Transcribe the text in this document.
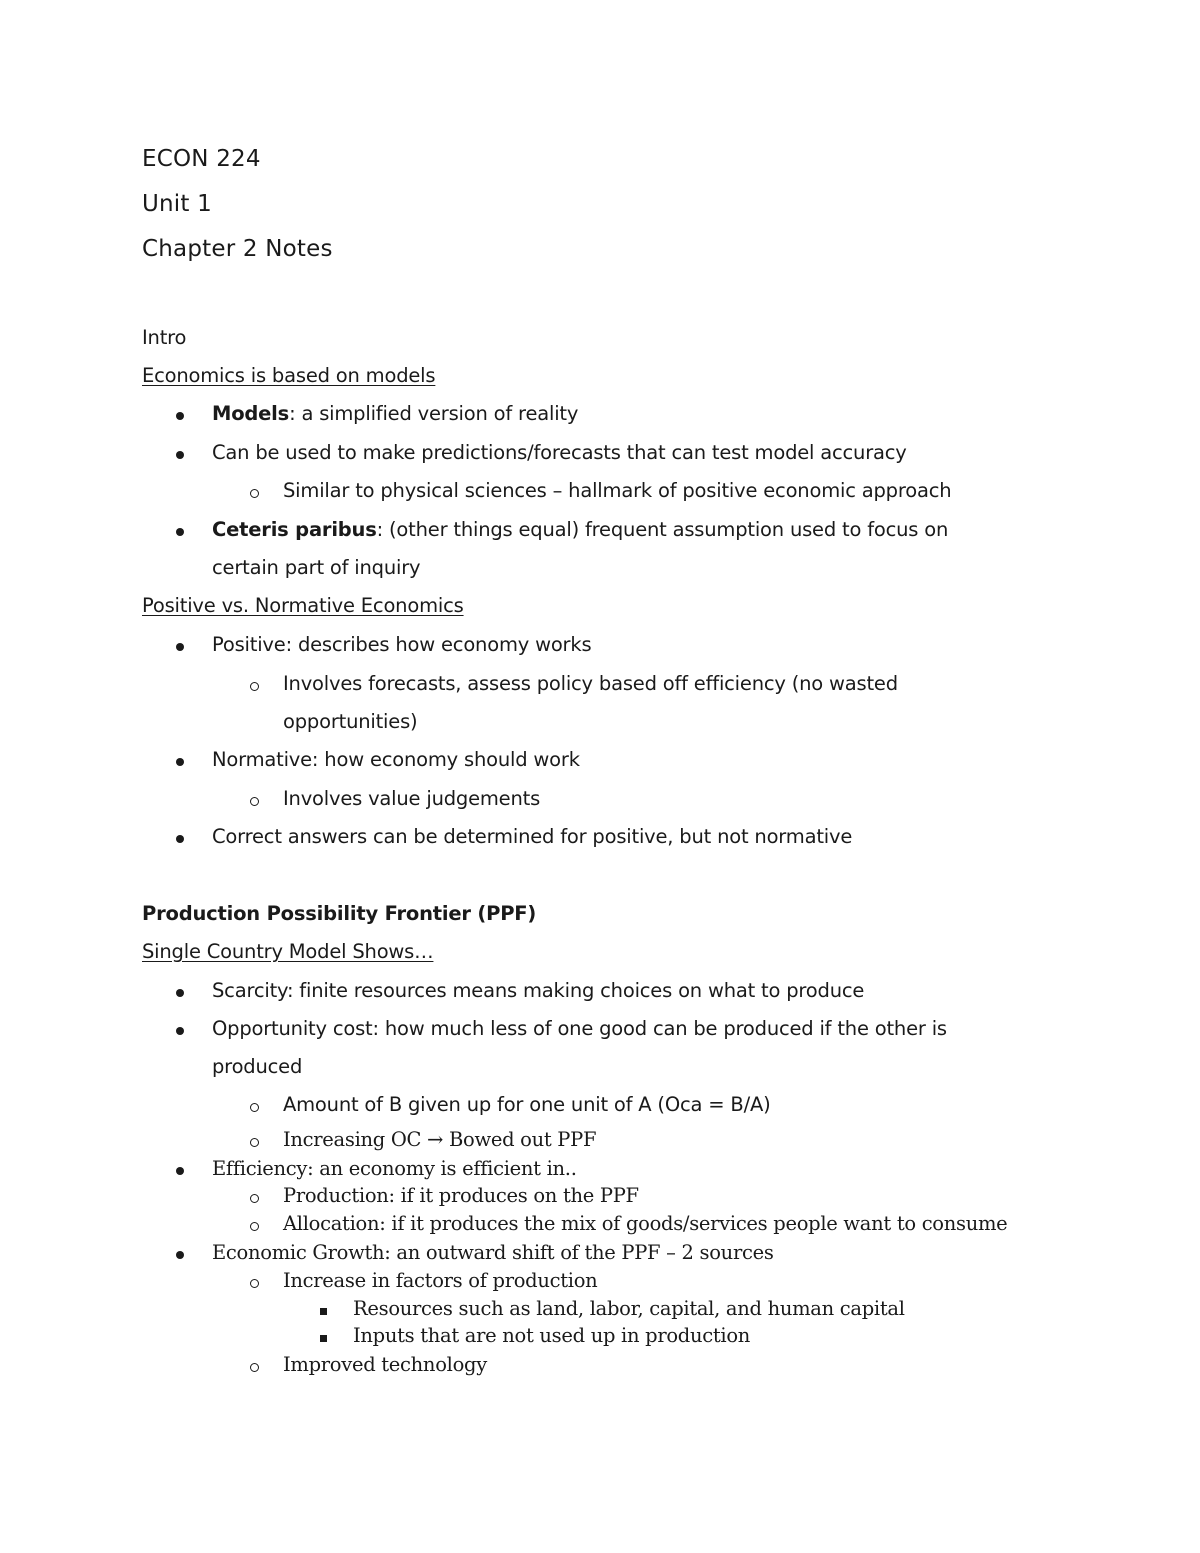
ECON 224
Unit 1
Chapter 2 Notes
Intro
Economics is based on models
Models: a simplified version of reality
Can be used to make predictions/forecasts that can test model accuracy
Similar to physical sciences – hallmark of positive economic approach
Ceteris paribus: (other things equal) frequent assumption used to focus on
certain part of inquiry
Positive vs. Normative Economics
Positive: describes how economy works
Involves forecasts, assess policy based off efficiency (no wasted
opportunities)
Normative: how economy should work
Involves value judgements
Correct answers can be determined for positive, but not normative
Production Possibility Frontier (PPF)
Single Country Model Shows…
Scarcity: finite resources means making choices on what to produce
Opportunity cost: how much less of one good can be produced if the other is
produced
Amount of B given up for one unit of A (Oca = B/A)
Increasing OC → Bowed out PPF
Efficiency: an economy is efficient in..
Production: if it produces on the PPF
Allocation: if it produces the mix of goods/services people want to consume
Economic Growth: an outward shift of the PPF – 2 sources
Increase in factors of production
Resources such as land, labor, capital, and human capital
Inputs that are not used up in production
Improved technology
